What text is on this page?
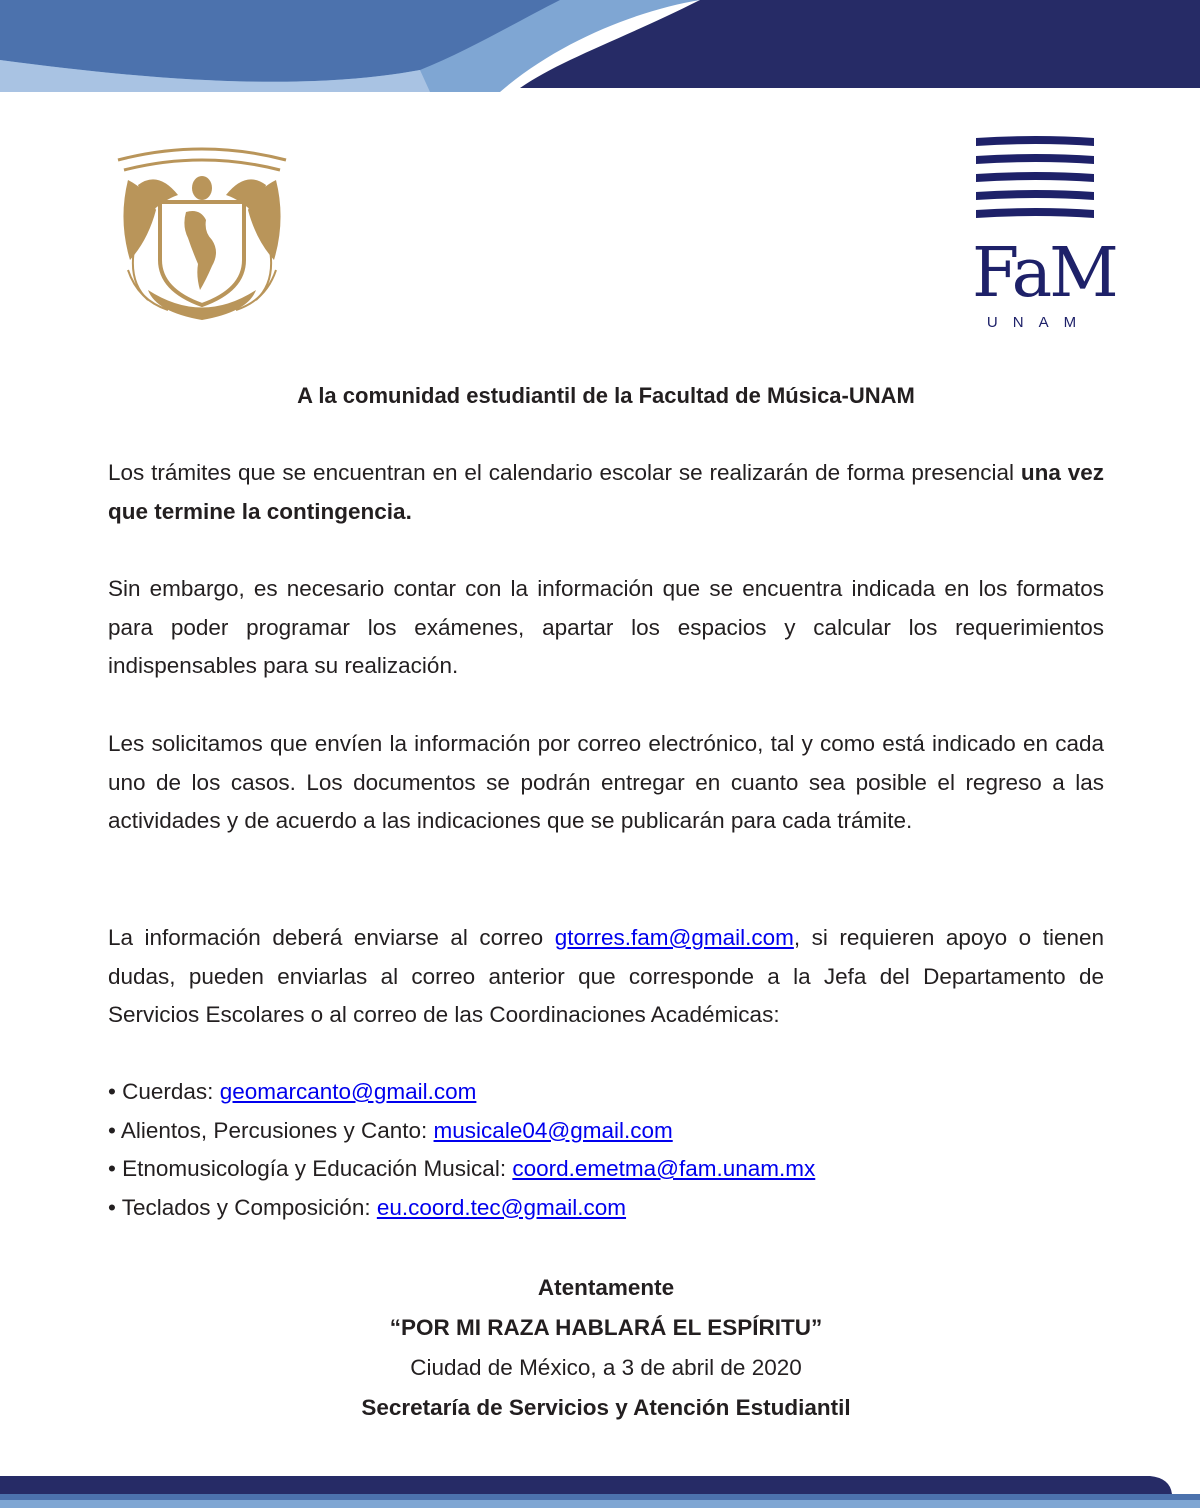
FaM
UNAM
A la comunidad estudiantil de la Facultad de Música-UNAM

Los trámites que se encuentran en el calendario escolar se realizarán de forma presencial una vez que termine la contingencia.

Sin embargo, es necesario contar con la información que se encuentra indicada en los formatos para poder programar los exámenes, apartar los espacios y calcular los requerimientos indispensables para su realización.

Les solicitamos que envíen la información por correo electrónico, tal y como está indicado en cada uno de los casos. Los documentos se podrán entregar en cuanto sea posible el regreso a las actividades y de acuerdo a las indicaciones que se publicarán para cada trámite.

La información deberá enviarse al correo gtorres.fam@gmail.com, si requieren apoyo o tienen dudas, pueden enviarlas al correo anterior que corresponde a la Jefa del Departamento de Servicios Escolares o al correo de las Coordinaciones Académicas:

• Cuerdas: geomarcanto@gmail.com
• Alientos, Percusiones y Canto: musicale04@gmail.com
• Etnomusicología y Educación Musical: coord.emetma@fam.unam.mx
• Teclados y Composición: eu.coord.tec@gmail.com
Atentamente
“POR MI RAZA HABLARÁ EL ESPÍRITU”
Ciudad de México, a 3 de abril de 2020
Secretaría de Servicios y Atención Estudiantil
